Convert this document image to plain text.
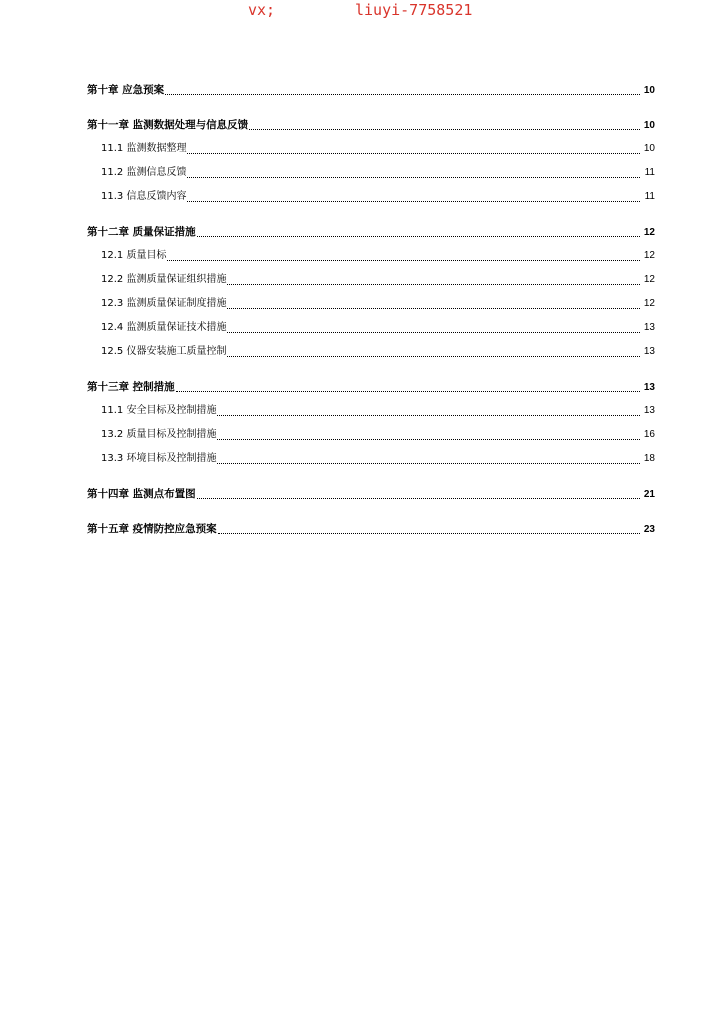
vx;	liuyi-7758521
第十章 应急预案	10
第十一章 监测数据处理与信息反馈	10
11.1 监测数据整理	10
11.2 监测信息反馈	11
11.3 信息反馈内容	11
第十二章 质量保证措施	12
12.1 质量目标	12
12.2 监测质量保证组织措施	12
12.3 监测质量保证制度措施	12
12.4 监测质量保证技术措施	13
12.5 仪器安装施工质量控制	13
第十三章 控制措施	13
11.1 安全目标及控制措施	13
13.2 质量目标及控制措施	16
13.3 环境目标及控制措施	18
第十四章 监测点布置图	21
第十五章 疫情防控应急预案	23
